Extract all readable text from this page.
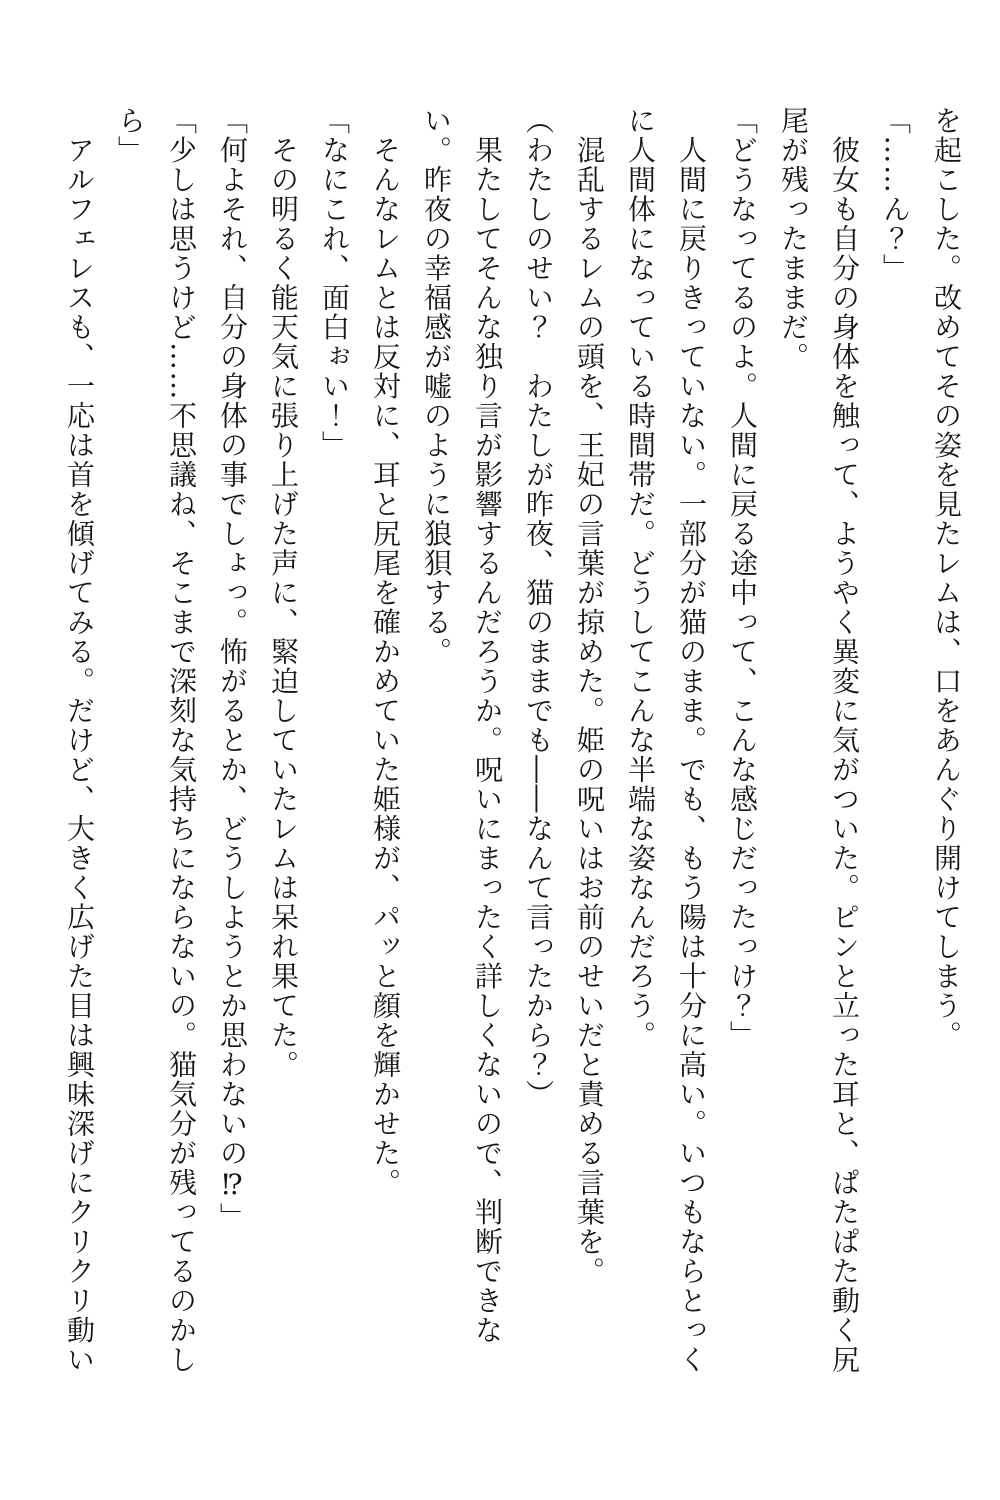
を起こした。改めてその姿を見たレムは、口をあんぐり開けてしまう。

「……ん？」

　彼女も自分の身体を触って、ようやく異変に気がついた。ピンと立った耳と、ぱたぱた動く尻尾が残ったままだ。

「どうなってるのよ。人間に戻る途中って、こんな感じだったっけ？」

　人間に戻りきっていない。一部分が猫のまま。でも、もう陽は十分に高い。いつもならとっくに人間体になっている時間帯だ。どうしてこんな半端な姿なんだろう。

　混乱するレムの頭を、王妃の言葉が掠めた。姫の呪いはお前のせいだと責める言葉を。

（わたしのせい？　わたしが昨夜、猫のままでも――なんて言ったから？）

　果たしてそんな独り言が影響するんだろうか。呪いにまったく詳しくないので、判断できない。昨夜の幸福感が嘘のように狼狽する。

　そんなレムとは反対に、耳と尻尾を確かめていた姫様が、パッと顔を輝かせた。

「なにこれ、面白ぉい！」

　その明るく能天気に張り上げた声に、緊迫していたレムは呆れ果てた。

「何よそれ、自分の身体の事でしょっ。怖がるとか、どうしようとか思わないの⁉」

「少しは思うけど……不思議ね、そこまで深刻な気持ちにならないの。猫気分が残ってるのかしら」

　アルフェレスも、一応は首を傾げてみる。だけど、大きく広げた目は興味深げにクリクリ動い
